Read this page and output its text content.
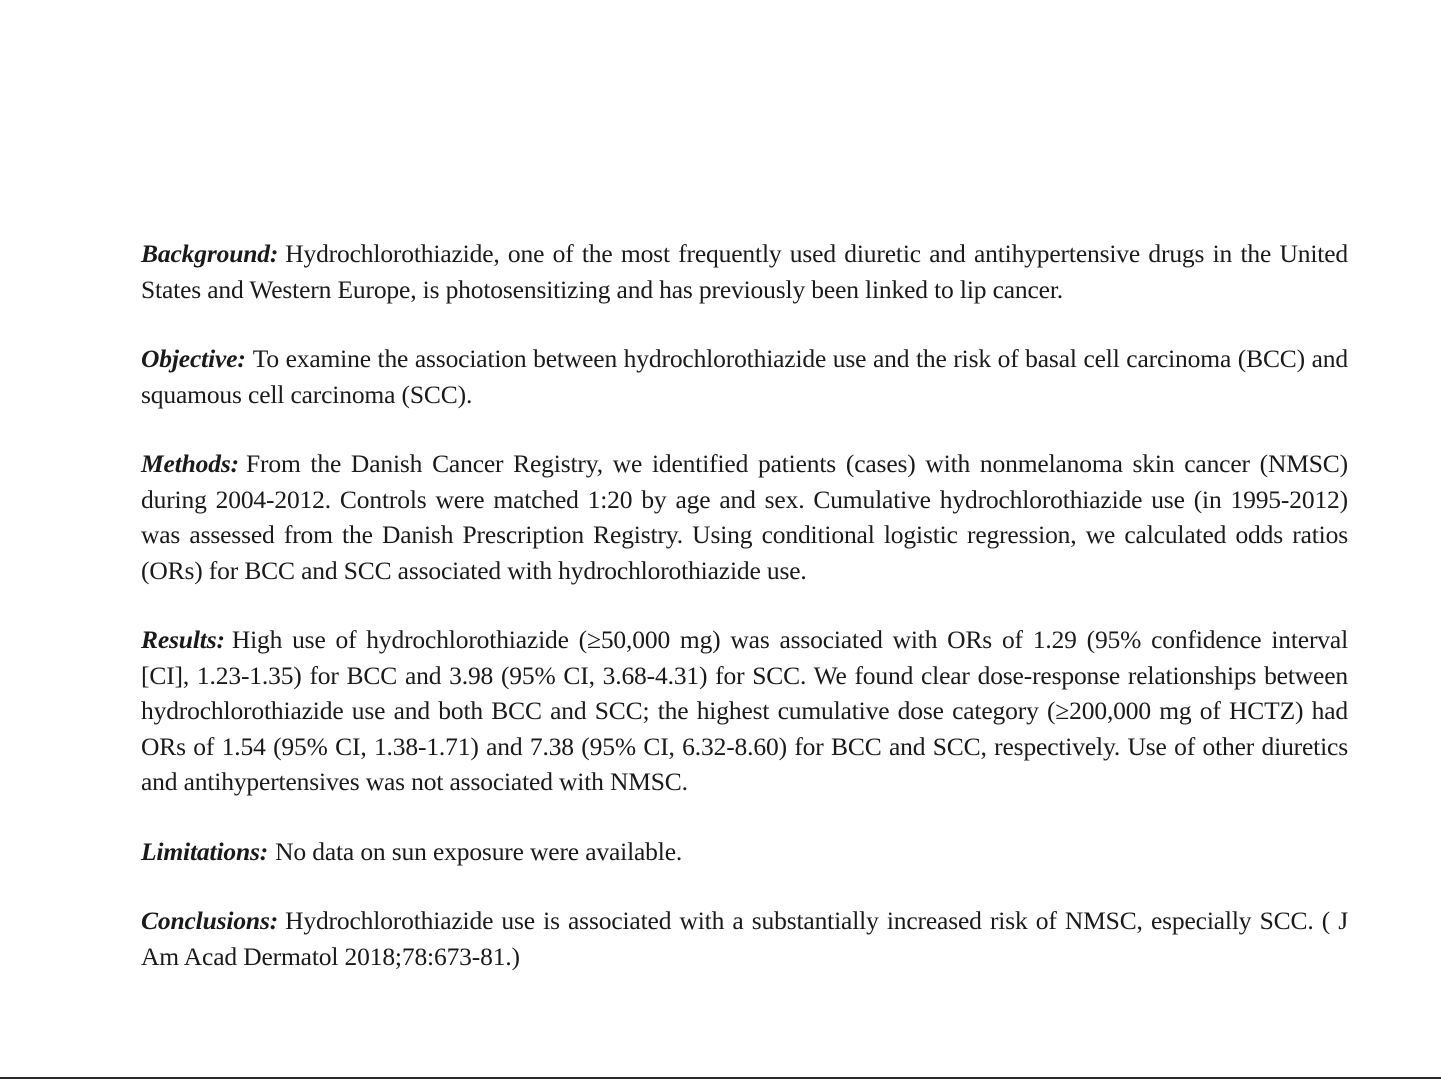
Background: Hydrochlorothiazide, one of the most frequently used diuretic and antihypertensive drugs in the United States and Western Europe, is photosensitizing and has previously been linked to lip cancer.

Objective: To examine the association between hydrochlorothiazide use and the risk of basal cell carcinoma (BCC) and squamous cell carcinoma (SCC).

Methods: From the Danish Cancer Registry, we identified patients (cases) with nonmelanoma skin cancer (NMSC) during 2004-2012. Controls were matched 1:20 by age and sex. Cumulative hydrochlorothiazide use (in 1995-2012) was assessed from the Danish Prescription Registry. Using conditional logistic regression, we calculated odds ratios (ORs) for BCC and SCC associated with hydrochlorothiazide use.

Results: High use of hydrochlorothiazide (≥50,000 mg) was associated with ORs of 1.29 (95% confidence interval [CI], 1.23-1.35) for BCC and 3.98 (95% CI, 3.68-4.31) for SCC. We found clear dose-response relationships between hydrochlorothiazide use and both BCC and SCC; the highest cumulative dose category (≥200,000 mg of HCTZ) had ORs of 1.54 (95% CI, 1.38-1.71) and 7.38 (95% CI, 6.32-8.60) for BCC and SCC, respectively. Use of other diuretics and antihypertensives was not associated with NMSC.

Limitations: No data on sun exposure were available.

Conclusions: Hydrochlorothiazide use is associated with a substantially increased risk of NMSC, especially SCC. ( J Am Acad Dermatol 2018;78:673-81.)
